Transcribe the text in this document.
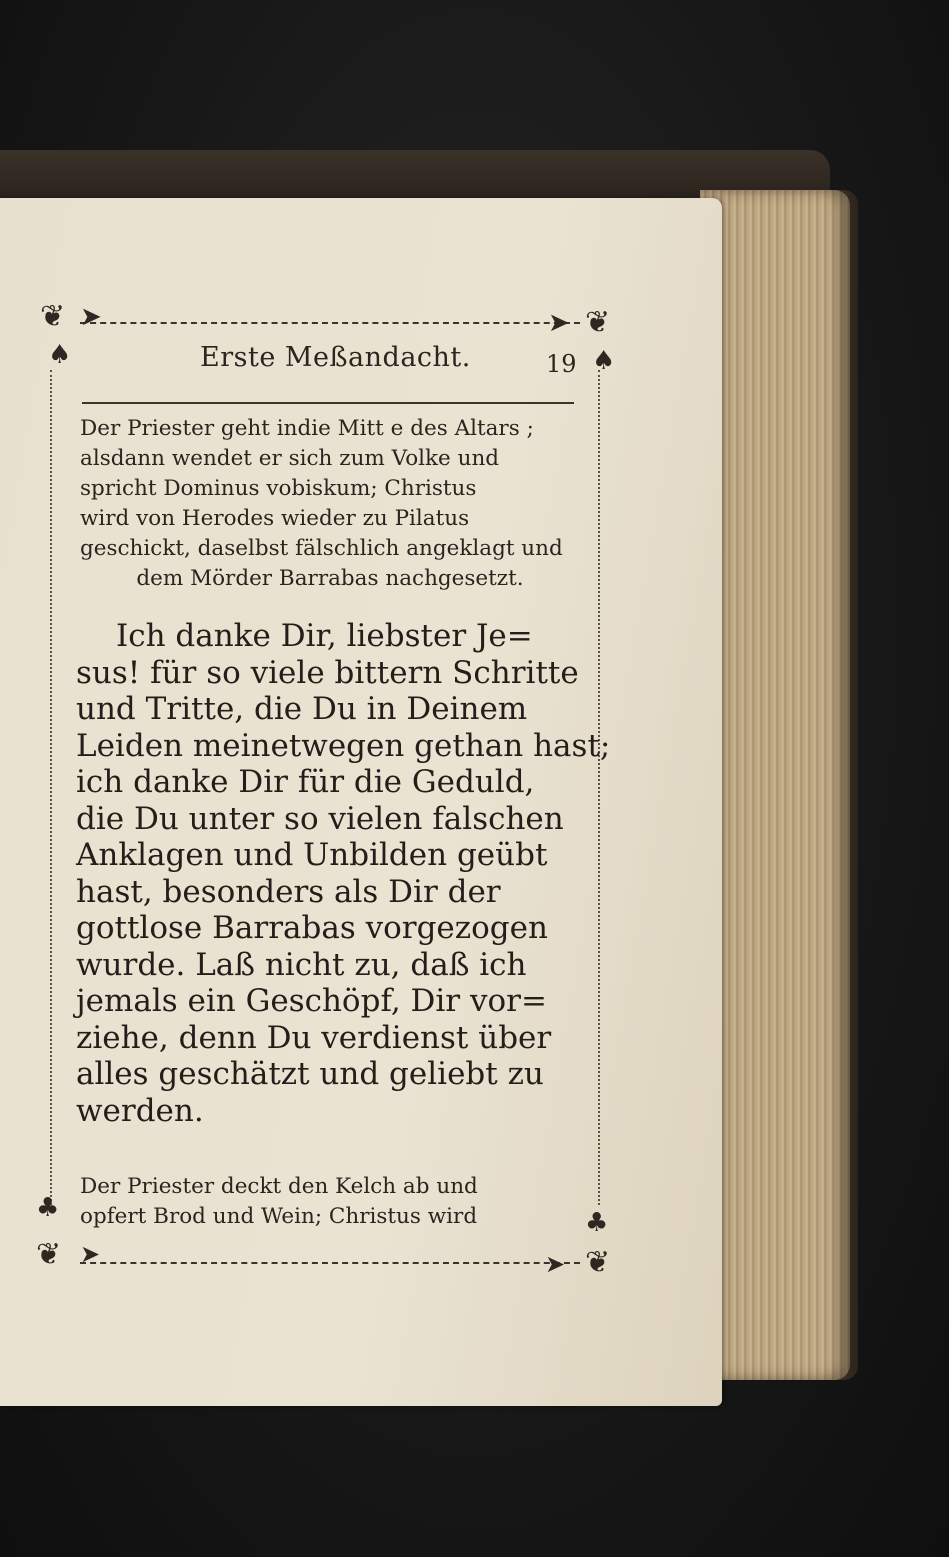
❦ ➤	❦
➤
♠	♠
♣	♣
❦ ➤	❦
➤
Erste Meßandacht.	19
Der Priester geht indie Mitt e des Altars ;
alsdann wendet er sich zum Volke und
spricht Dominus vobiskum; Christus
wird von Herodes wieder zu Pilatus
geschickt, daselbst fälschlich angeklagt und
dem Mörder Barrabas nachgesetzt.
Ich danke Dir, liebster Je=
sus! für so viele bittern Schritte
und Tritte, die Du in Deinem
Leiden meinetwegen gethan hast;
ich danke Dir für die Geduld,
die Du unter so vielen falschen
Anklagen und Unbilden geübt
hast, besonders als Dir der
gottlose Barrabas vorgezogen
wurde. Laß nicht zu, daß ich
jemals ein Geschöpf, Dir vor=
ziehe, denn Du verdienst über
alles geschätzt und geliebt zu
werden.
Der Priester deckt den Kelch ab und
opfert Brod und Wein; Christus wird
